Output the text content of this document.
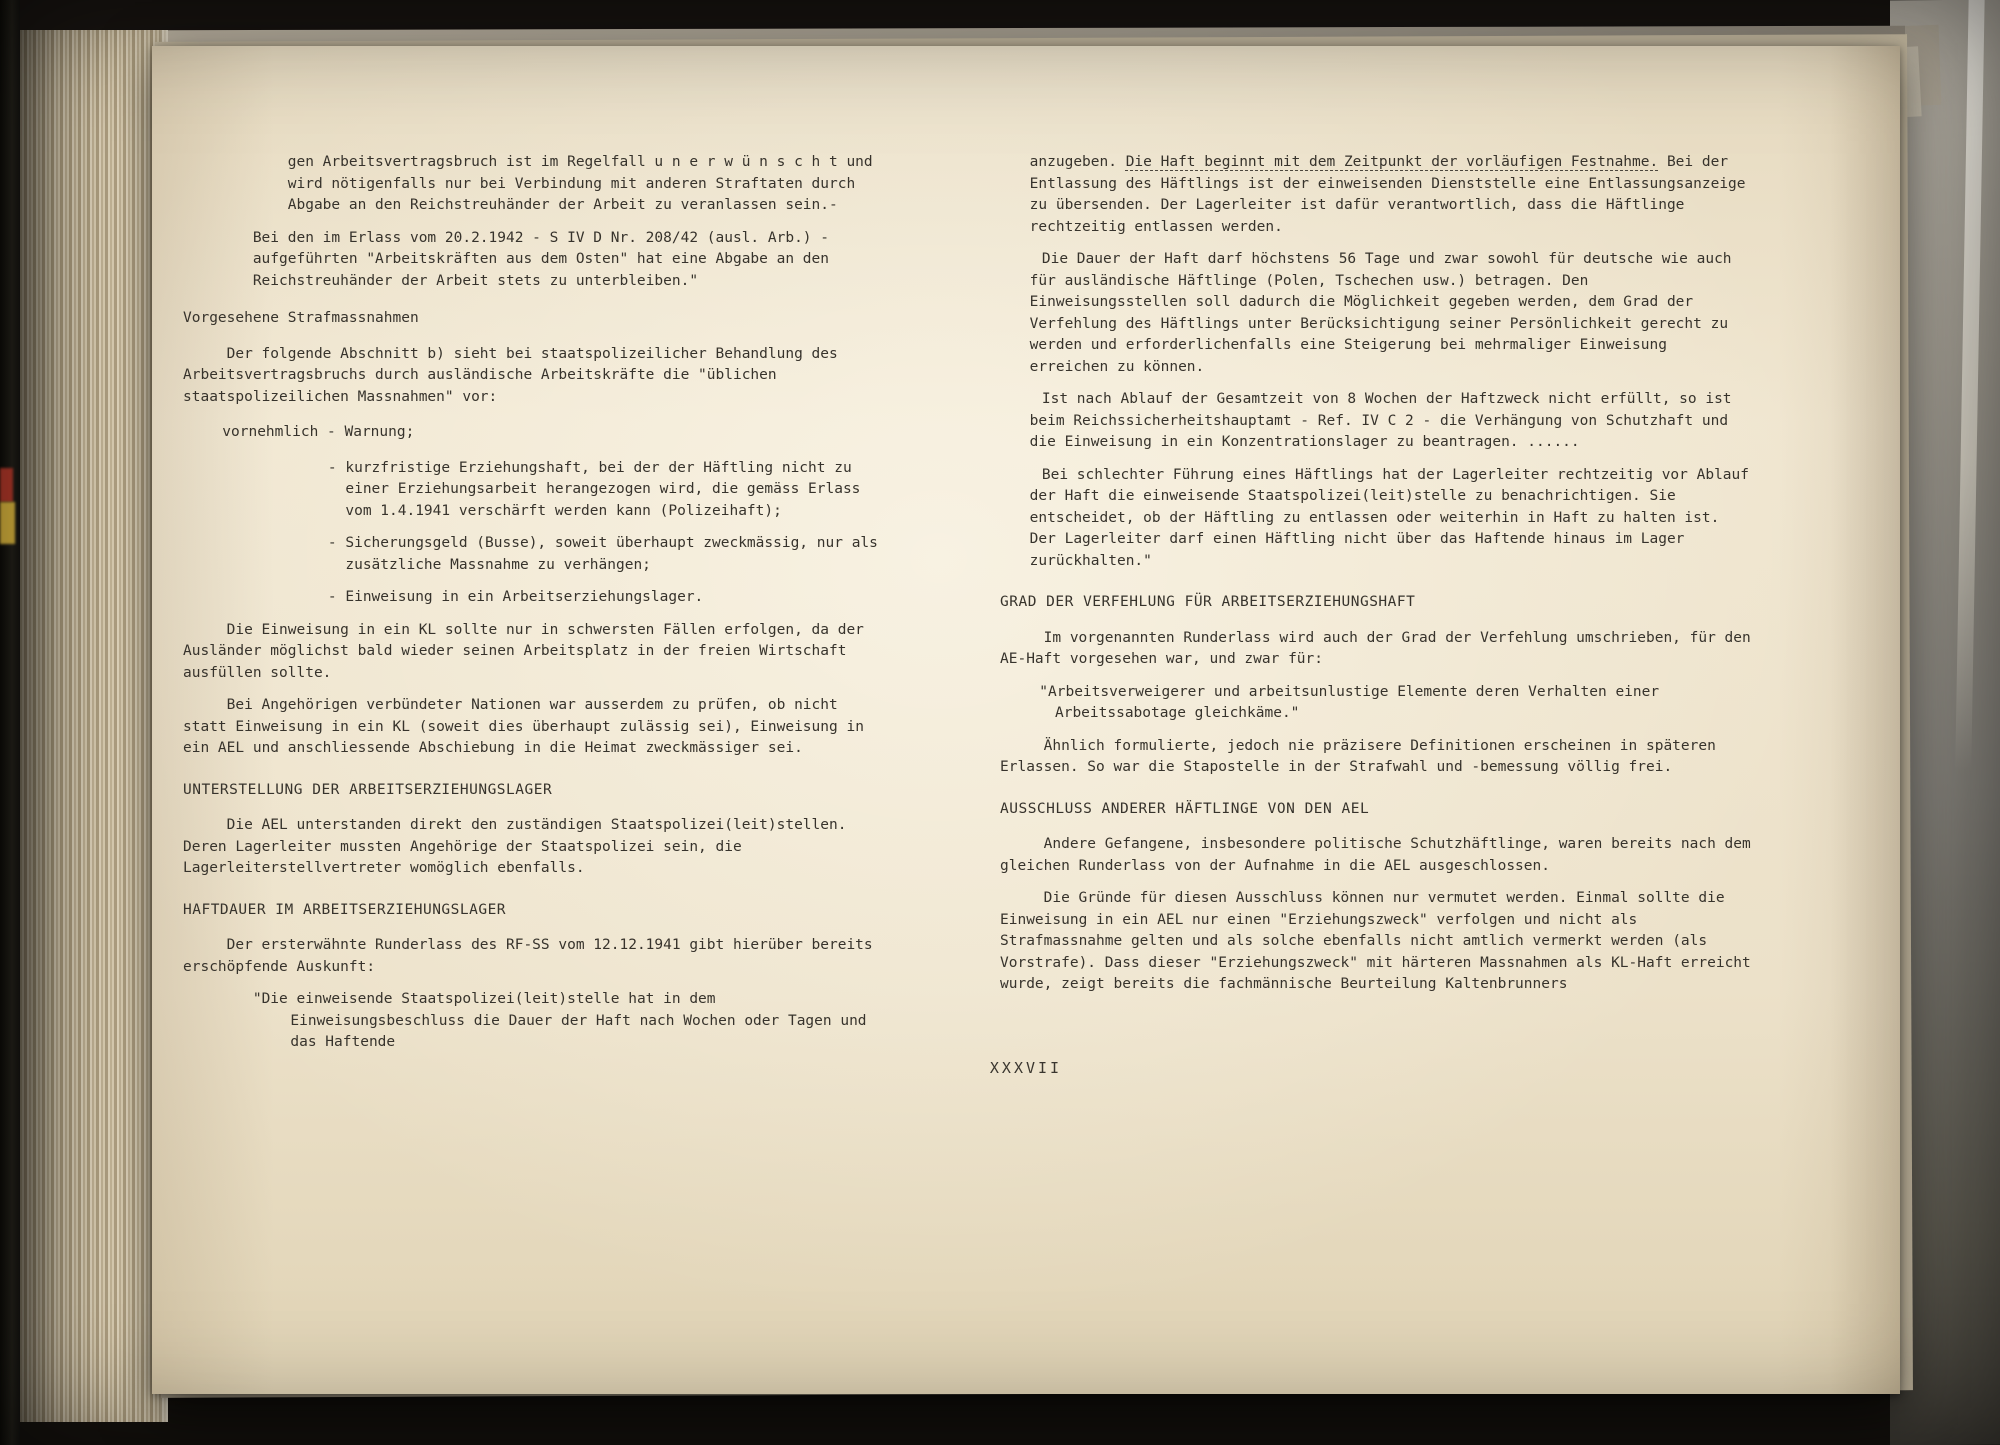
gen Arbeitsvertragsbruch ist im Regelfall u n e r w ü n s c h t und wird nötigenfalls nur bei Verbindung mit anderen Straftaten durch Abgabe an den Reichstreuhänder der Arbeit zu veranlassen sein.-

Bei den im Erlass vom 20.2.1942 - S IV D Nr. 208/42 (ausl. Arb.) - aufgeführten "Arbeitskräften aus dem Osten" hat eine Abgabe an den Reichstreuhänder der Arbeit stets zu unterbleiben."

Vorgesehene Strafmassnahmen

Der folgende Abschnitt b) sieht bei staatspolizeilicher Behandlung des Arbeitsvertragsbruchs durch ausländische Arbeitskräfte die "üblichen staatspolizeilichen Massnahmen" vor:

vornehmlich - Warnung;

- kurzfristige Erziehungshaft, bei der der Häftling nicht zu einer Erziehungsarbeit herangezogen wird, die gemäss Erlass vom 1.4.1941 verschärft werden kann (Polizeihaft);

- Sicherungsgeld (Busse), soweit überhaupt zweckmässig, nur als zusätzliche Massnahme zu verhängen;

- Einweisung in ein Arbeitserziehungslager.

Die Einweisung in ein KL sollte nur in schwersten Fällen erfolgen, da der Ausländer möglichst bald wieder seinen Arbeitsplatz in der freien Wirtschaft ausfüllen sollte.

Bei Angehörigen verbündeter Nationen war ausserdem zu prüfen, ob nicht statt Einweisung in ein KL (soweit dies überhaupt zulässig sei), Einweisung in ein AEL und anschliessende Abschiebung in die Heimat zweckmässiger sei.

UNTERSTELLUNG DER ARBEITSERZIEHUNGSLAGER

Die AEL unterstanden direkt den zuständigen Staatspolizei(leit)stellen. Deren Lagerleiter mussten Angehörige der Staatspolizei sein, die Lagerleiterstellvertreter womöglich ebenfalls.

HAFTDAUER IM ARBEITSERZIEHUNGSLAGER

Der ersterwähnte Runderlass des RF-SS vom 12.12.1941 gibt hierüber bereits erschöpfende Auskunft:

"Die einweisende Staatspolizei(leit)stelle hat in dem Einweisungsbeschluss die Dauer der Haft nach Wochen oder Tagen und das Haftende

anzugeben. Die Haft beginnt mit dem Zeitpunkt der vorläufigen Festnahme. Bei der Entlassung des Häftlings ist der einweisenden Dienststelle eine Entlassungsanzeige zu übersenden. Der Lagerleiter ist dafür verantwortlich, dass die Häftlinge rechtzeitig entlassen werden.

Die Dauer der Haft darf höchstens 56 Tage und zwar sowohl für deutsche wie auch für ausländische Häftlinge (Polen, Tschechen usw.) betragen. Den Einweisungsstellen soll dadurch die Möglichkeit gegeben werden, dem Grad der Verfehlung des Häftlings unter Berücksichtigung seiner Persönlichkeit gerecht zu werden und erforderlichenfalls eine Steigerung bei mehrmaliger Einweisung erreichen zu können.

Ist nach Ablauf der Gesamtzeit von 8 Wochen der Haftzweck nicht erfüllt, so ist beim Reichssicherheitshauptamt - Ref. IV C 2 - die Verhängung von Schutzhaft und die Einweisung in ein Konzentrationslager zu beantragen. ......

Bei schlechter Führung eines Häftlings hat der Lagerleiter rechtzeitig vor Ablauf der Haft die einweisende Staatspolizei(leit)stelle zu benachrichtigen. Sie entscheidet, ob der Häftling zu entlassen oder weiterhin in Haft zu halten ist. Der Lagerleiter darf einen Häftling nicht über das Haftende hinaus im Lager zurückhalten."

GRAD DER VERFEHLUNG FÜR ARBEITSERZIEHUNGSHAFT

Im vorgenannten Runderlass wird auch der Grad der Verfehlung umschrieben, für den AE-Haft vorgesehen war, und zwar für:

"Arbeitsverweigerer und arbeitsunlustige Elemente deren Verhalten einer Arbeitssabotage gleichkäme."

Ähnlich formulierte, jedoch nie präzisere Definitionen erscheinen in späteren Erlassen. So war die Stapostelle in der Strafwahl und -bemessung völlig frei.

AUSSCHLUSS ANDERER HÄFTLINGE VON DEN AEL

Andere Gefangene, insbesondere politische Schutzhäftlinge, waren bereits nach dem gleichen Runderlass von der Aufnahme in die AEL ausgeschlossen.

Die Gründe für diesen Ausschluss können nur vermutet werden. Einmal sollte die Einweisung in ein AEL nur einen "Erziehungszweck" verfolgen und nicht als Strafmassnahme gelten und als solche ebenfalls nicht amtlich vermerkt werden (als Vorstrafe). Dass dieser "Erziehungszweck" mit härteren Massnahmen als KL-Haft erreicht wurde, zeigt bereits die fachmännische Beurteilung Kaltenbrunners

XXXVII
